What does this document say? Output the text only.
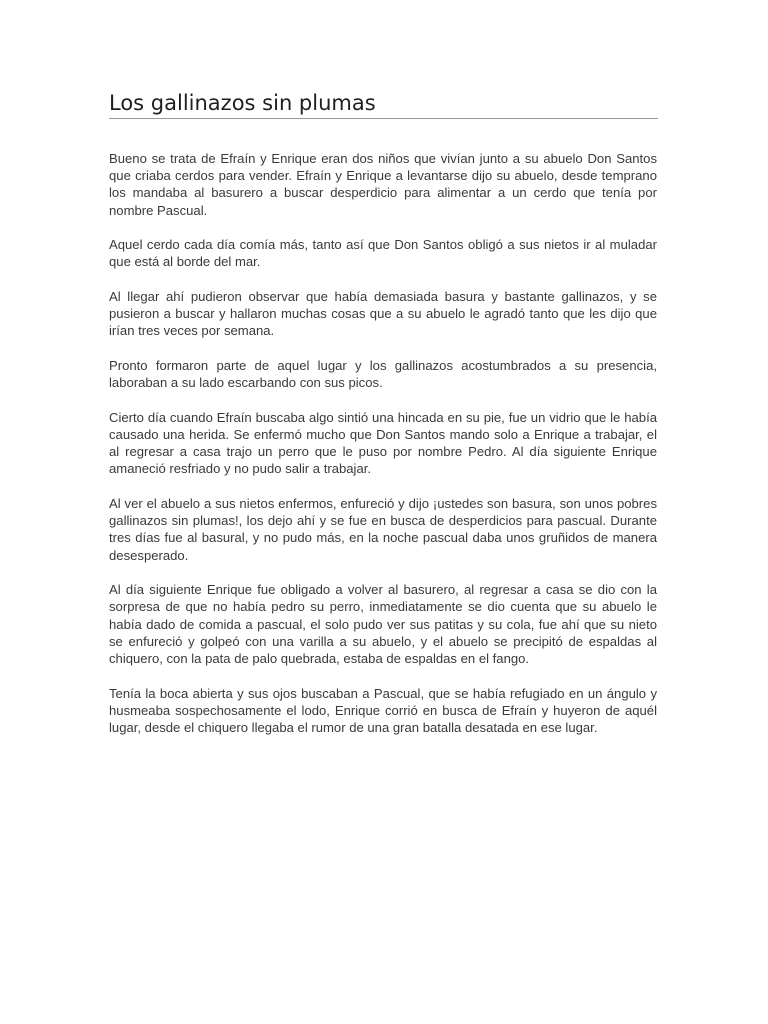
Los gallinazos sin plumas

Bueno se trata de Efraín y Enrique eran dos niños que vivían junto a su abuelo Don Santos que criaba cerdos para vender. Efraín y Enrique a levantarse dijo su abuelo, desde temprano los mandaba al basurero a buscar desperdicio para alimentar a un cerdo que tenía por nombre Pascual.

Aquel cerdo cada día comía más, tanto así que Don Santos obligó a sus nietos ir al muladar que está al borde del mar.

Al llegar ahí pudieron observar que había demasiada basura y bastante gallinazos, y se pusieron a buscar y hallaron muchas cosas que a su abuelo le agradó tanto que les dijo que irían tres veces por semana.

Pronto formaron parte de aquel lugar y los gallinazos acostumbrados a su presencia, laboraban a su lado escarbando con sus picos.

Cierto día cuando Efraín buscaba algo sintió una hincada en su pie, fue un vidrio que le había causado una herida. Se enfermó mucho que Don Santos mando solo a Enrique a trabajar, el al regresar a casa trajo un perro que le puso por nombre Pedro. Al día siguiente Enrique amaneció resfriado y no pudo salir a trabajar.

Al ver el abuelo a sus nietos enfermos, enfureció y dijo ¡ustedes son basura, son unos pobres gallinazos sin plumas!, los dejo ahí y se fue en busca de desperdicios para pascual. Durante tres días fue al basural, y no pudo más, en la noche pascual daba unos gruñidos de manera desesperado.

Al día siguiente Enrique fue obligado a volver al basurero, al regresar a casa se dio con la sorpresa de que no había pedro su perro, inmediatamente se dio cuenta que su abuelo le había dado de comida a pascual, el solo pudo ver sus patitas y su cola, fue ahí que su nieto se enfureció y golpeó con una varilla a su abuelo, y el abuelo se precipitó de espaldas al chiquero, con la pata de palo quebrada, estaba de espaldas en el fango.

Tenía la boca abierta y sus ojos buscaban a Pascual, que se había refugiado en un ángulo y husmeaba sospechosamente el lodo, Enrique corrió en busca de Efraín y huyeron de aquél lugar, desde el chiquero llegaba el rumor de una gran batalla desatada en ese lugar.
